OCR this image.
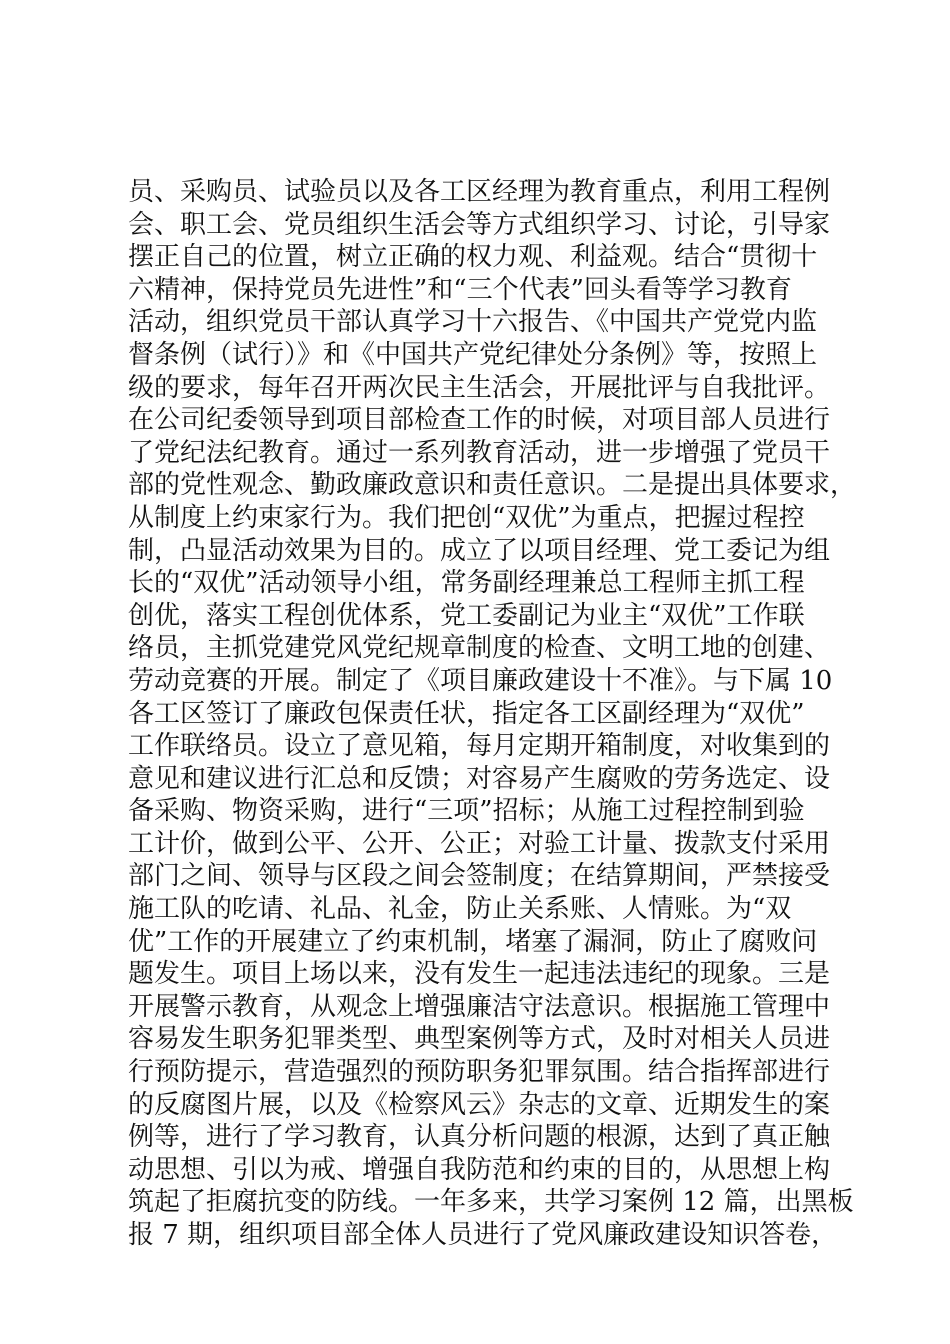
员、采购员、试验员以及各工区经理为教育重点，利用工程例
会、职工会、党员组织生活会等方式组织学习、讨论，引导家
摆正自己的位置，树立正确的权力观、利益观。结合“贯彻十
六精神，保持党员先进性”和“三个代表”回头看等学习教育
活动，组织党员干部认真学习十六报告、《中国共产党党内监
督条例（试行）》和《中国共产党纪律处分条例》等，按照上
级的要求，每年召开两次民主生活会，开展批评与自我批评。
在公司纪委领导到项目部检查工作的时候，对项目部人员进行
了党纪法纪教育。通过一系列教育活动，进一步增强了党员干
部的党性观念、勤政廉政意识和责任意识。二是提出具体要求，
从制度上约束家行为。我们把创“双优”为重点，把握过程控
制，凸显活动效果为目的。成立了以项目经理、党工委记为组
长的“双优”活动领导小组，常务副经理兼总工程师主抓工程
创优，落实工程创优体系，党工委副记为业主“双优”工作联
络员，主抓党建党风党纪规章制度的检查、文明工地的创建、
劳动竞赛的开展。制定了《项目廉政建设十不准》。与下属 10
各工区签订了廉政包保责任状，指定各工区副经理为“双优”
工作联络员。设立了意见箱，每月定期开箱制度，对收集到的
意见和建议进行汇总和反馈；对容易产生腐败的劳务选定、设
备采购、物资采购，进行“三项”招标；从施工过程控制到验
工计价，做到公平、公开、公正；对验工计量、拨款支付采用
部门之间、领导与区段之间会签制度；在结算期间，严禁接受
施工队的吃请、礼品、礼金，防止关系账、人情账。为“双
优”工作的开展建立了约束机制，堵塞了漏洞，防止了腐败问
题发生。项目上场以来，没有发生一起违法违纪的现象。三是
开展警示教育，从观念上增强廉洁守法意识。根据施工管理中
容易发生职务犯罪类型、典型案例等方式，及时对相关人员进
行预防提示，营造强烈的预防职务犯罪氛围。结合指挥部进行
的反腐图片展，以及《检察风云》杂志的文章、近期发生的案
例等，进行了学习教育，认真分析问题的根源，达到了真正触
动思想、引以为戒、增强自我防范和约束的目的，从思想上构
筑起了拒腐抗变的防线。一年多来，共学习案例 12 篇，出黑板
报 7 期，组织项目部全体人员进行了党风廉政建设知识答卷，
